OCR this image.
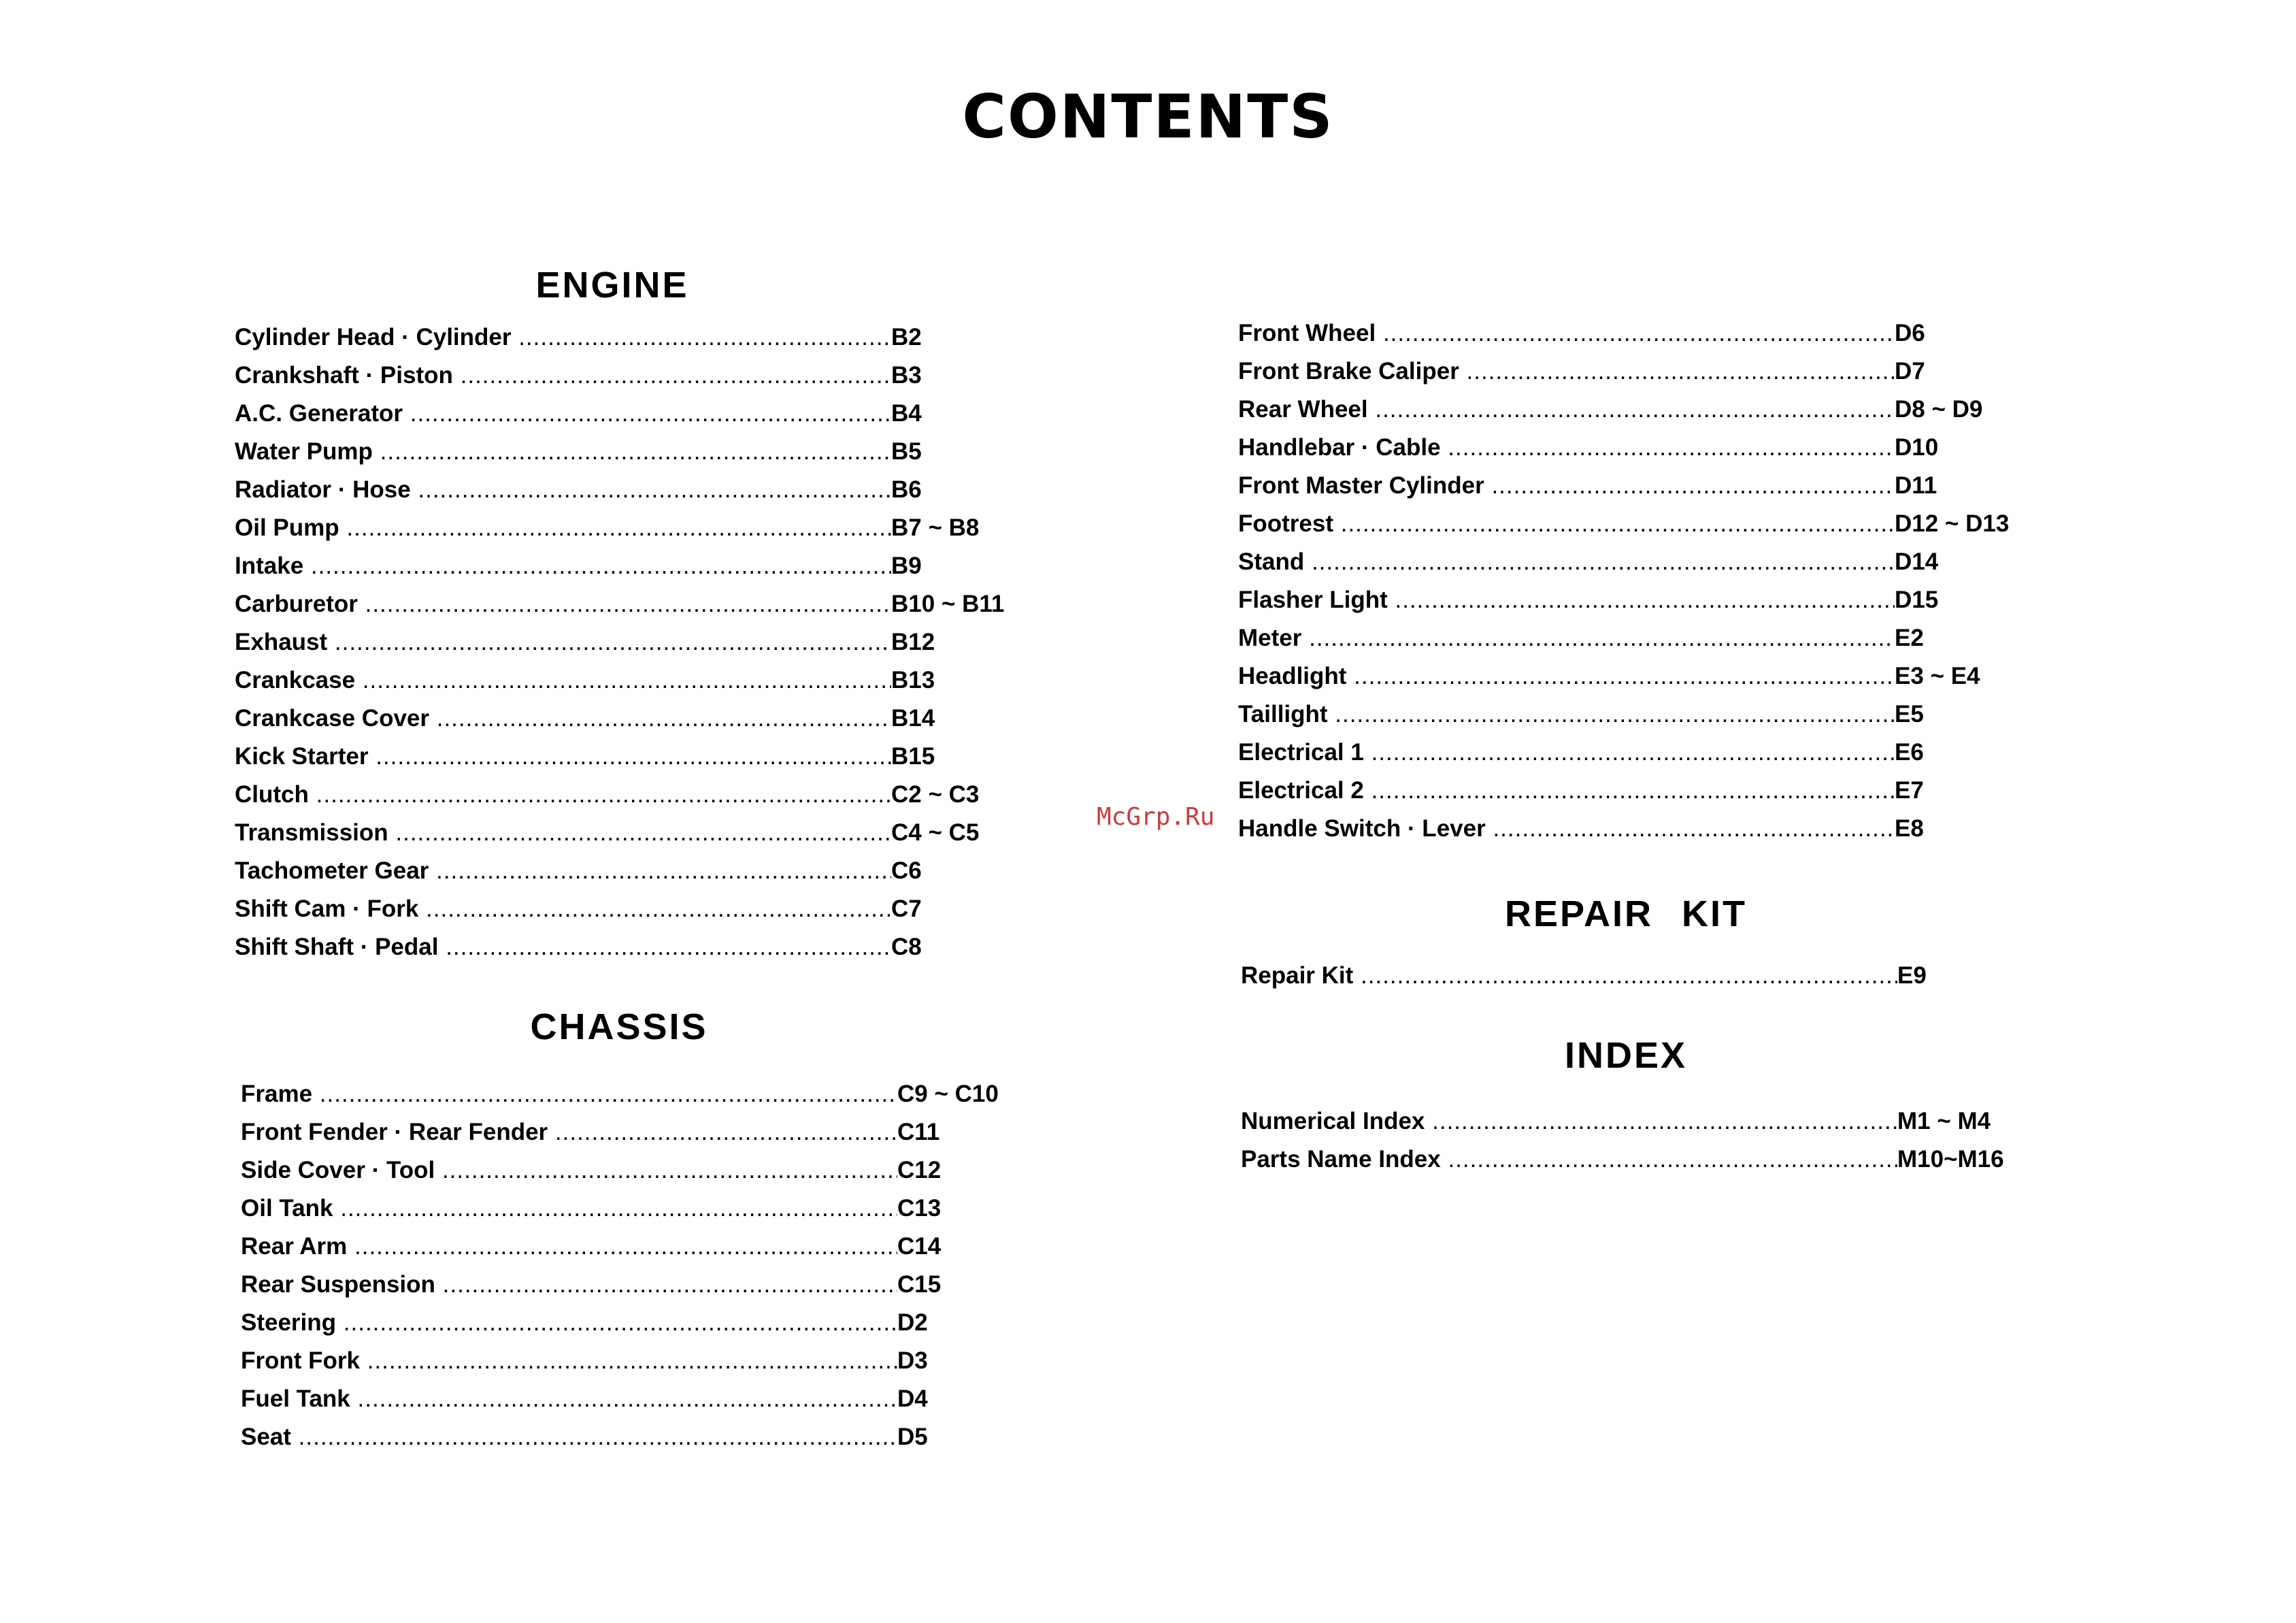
CONTENTS
ENGINE
Cylinder Head · Cylinder .....	B2
Crankshaft · Piston .....	B3
A.C. Generator .....	B4
Water Pump .....	B5
Radiator · Hose .....	B6
Oil Pump .....	B7 ~ B8
Intake .....	B9
Carburetor .....	B10 ~ B11
Exhaust .....	B12
Crankcase .....	B13
Crankcase Cover .....	B14
Kick Starter .....	B15
Clutch .....	C2 ~ C3
Transmission .....	C4 ~ C5
Tachometer Gear .....	C6
Shift Cam · Fork .....	C7
Shift Shaft · Pedal .....	C8
CHASSIS
Frame .....	C9 ~ C10
Front Fender · Rear Fender .....	C11
Side Cover · Tool .....	C12
Oil Tank .....	C13
Rear Arm .....	C14
Rear Suspension .....	C15
Steering .....	D2
Front Fork .....	D3
Fuel Tank .....	D4
Seat .....	D5
Front Wheel .....	D6
Front Brake Caliper .....	D7
Rear Wheel .....	D8 ~ D9
Handlebar · Cable .....	D10
Front Master Cylinder .....	D11
Footrest .....	D12 ~ D13
Stand .....	D14
Flasher Light .....	D15
Meter .....	E2
Headlight .....	E3 ~ E4
Taillight .....	E5
Electrical 1 .....	E6
Electrical 2 .....	E7
Handle Switch · Lever .....	E8
REPAIR KIT
Repair Kit .....	E9
INDEX
Numerical Index .....	M1 ~ M4
Parts Name Index .....	M10~M16
McGrp.Ru
